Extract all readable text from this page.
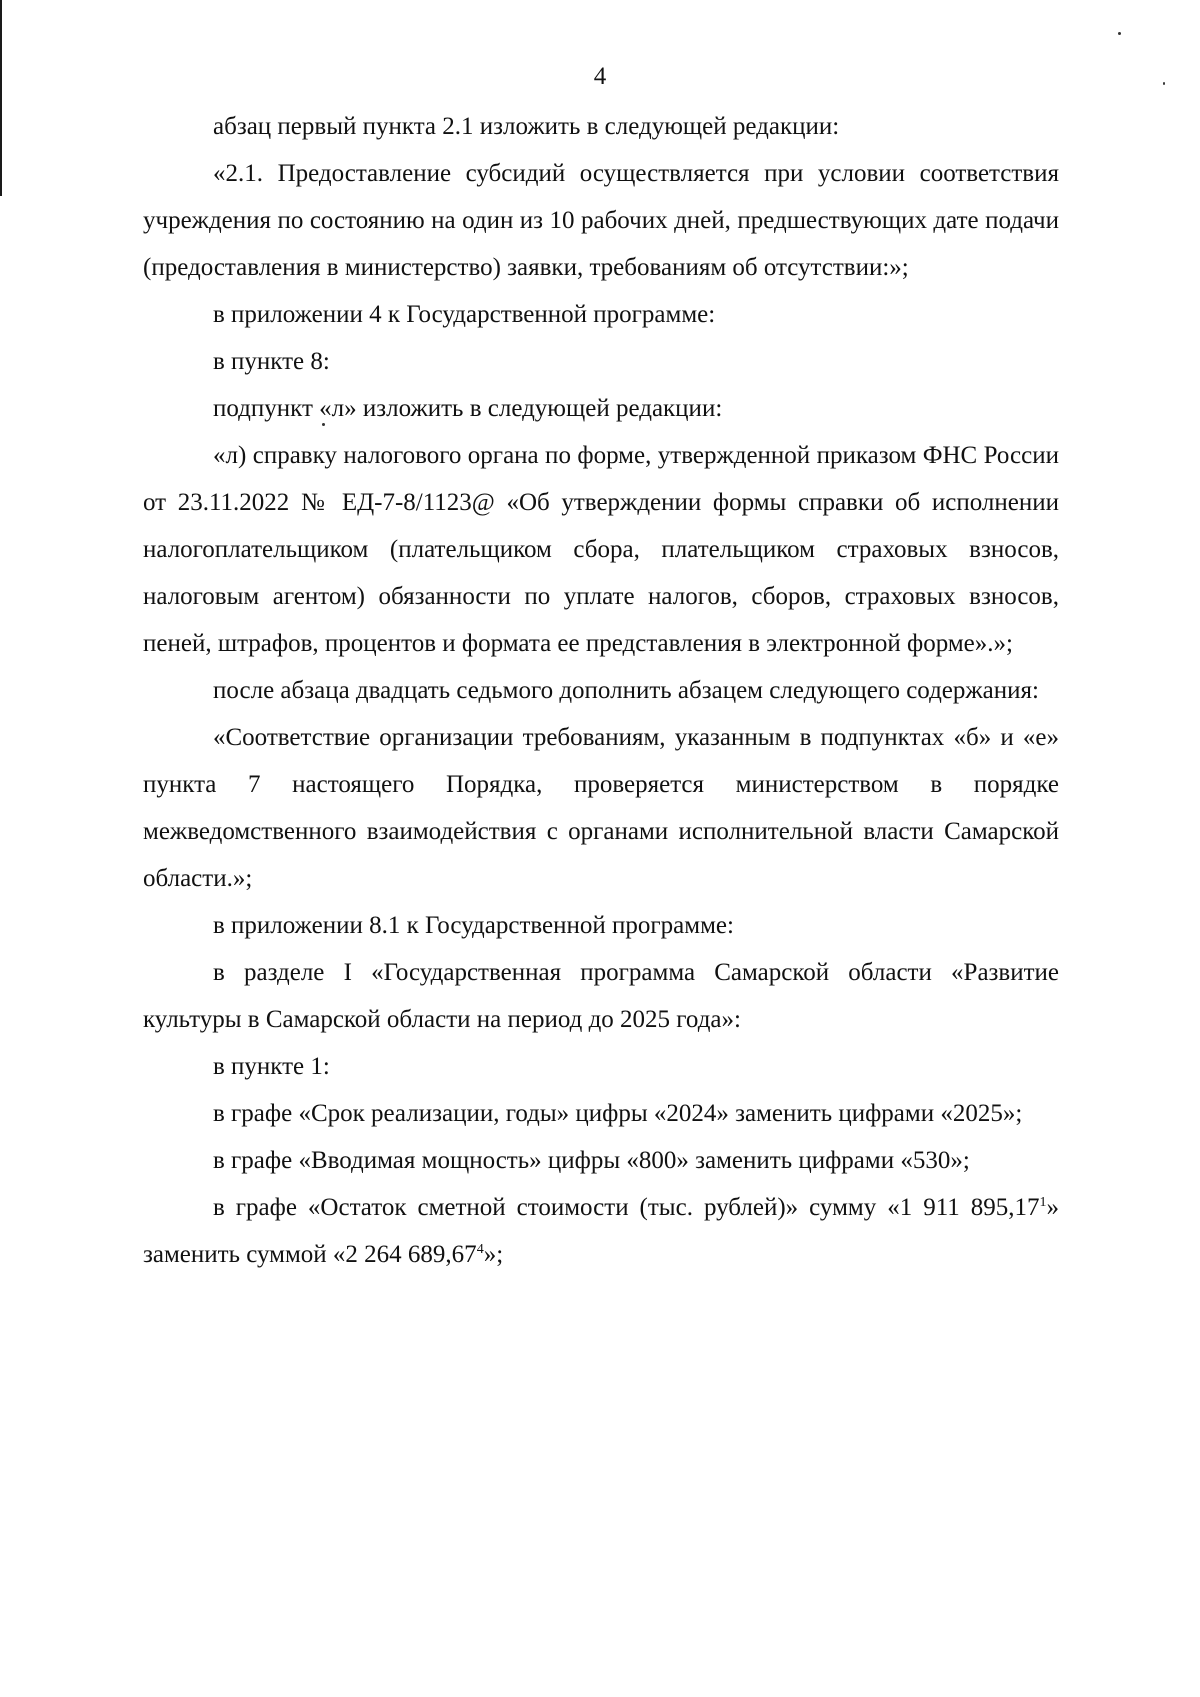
4

абзац первый пункта 2.1 изложить в следующей редакции:

«2.1. Предоставление субсидий осуществляется при условии соответствия учреждения по состоянию на один из 10 рабочих дней, предшествующих дате подачи (предоставления в министерство) заявки, требованиям об отсутствии:»;

в приложении 4 к Государственной программе:

в пункте 8:

подпункт «л» изложить в следующей редакции:

«л) справку налогового органа по форме, утвержденной приказом ФНС России от 23.11.2022 № ЕД-7-8/1123@ «Об утверждении формы справки об исполнении налогоплательщиком (плательщиком сбора, плательщиком страховых взносов, налоговым агентом) обязанности по уплате налогов, сборов, страховых взносов, пеней, штрафов, процентов и формата ее представления в электронной форме».»;

после абзаца двадцать седьмого дополнить абзацем следующего содержания:

«Соответствие организации требованиям, указанным в подпунктах «б» и «е» пункта 7 настоящего Порядка, проверяется министерством в порядке межведомственного взаимодействия с органами исполнительной власти Самарской области.»;

в приложении 8.1 к Государственной программе:

в разделе I «Государственная программа Самарской области «Развитие культуры в Самарской области на период до 2025 года»:

в пункте 1:

в графе «Срок реализации, годы» цифры «2024» заменить цифрами «2025»;

в графе «Вводимая мощность» цифры «800» заменить цифрами «530»;

в графе «Остаток сметной стоимости (тыс. рублей)» сумму «1 911 895,17$^1$» заменить суммой «2 264 689,67$^4$»;
